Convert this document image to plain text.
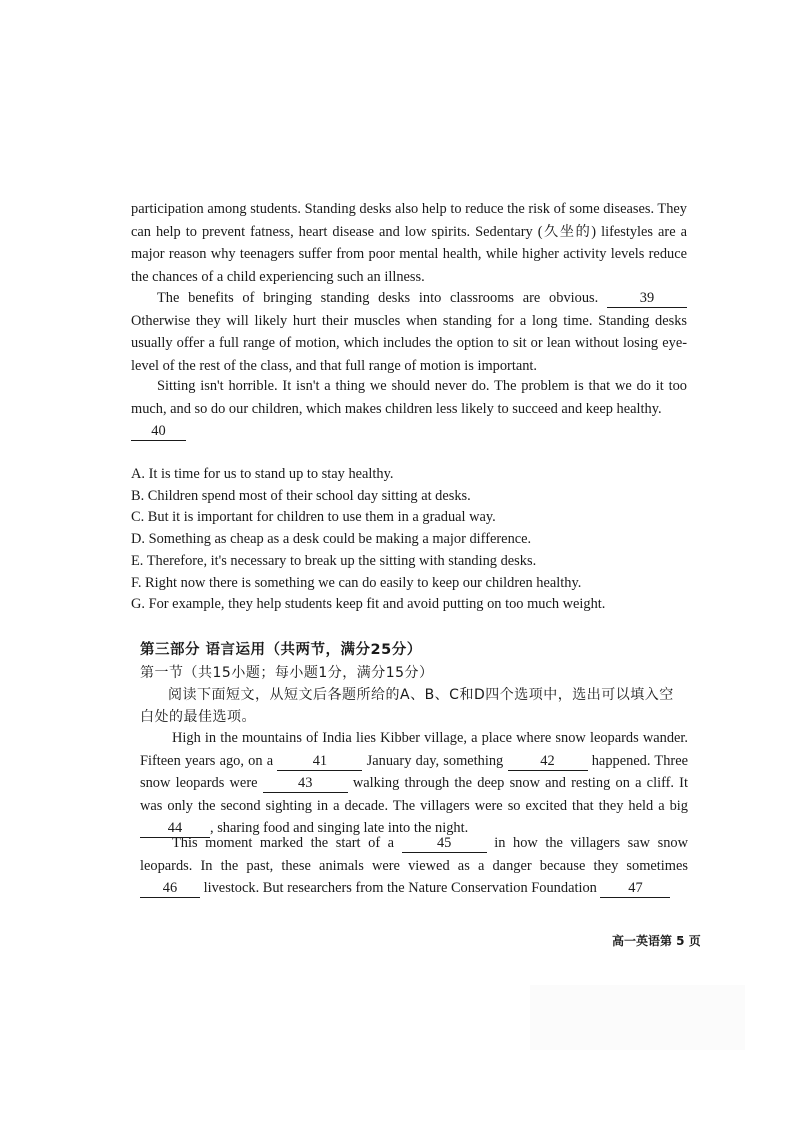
participation among students. Standing desks also help to reduce the risk of some diseases. They can help to prevent fatness, heart disease and low spirits. Sedentary (久坐的) lifestyles are a major reason why teenagers suffer from poor mental health, while higher activity levels reduce the chances of a child experiencing such an illness.

The benefits of bringing standing desks into classrooms are obvious.	39 Otherwise they will likely hurt their muscles when standing for a long time. Standing desks usually offer a full range of motion, which includes the option to sit or lean without losing eye-level of the rest of the class, and that full range of motion is important.

Sitting isn't horrible. It isn't a thing we should never do. The problem is that we do it too much, and so do our children, which makes children less likely to succeed and keep healthy.
40

A. It is time for us to stand up to stay healthy.
B. Children spend most of their school day sitting at desks.
C. But it is important for children to use them in a gradual way.
D. Something as cheap as a desk could be making a major difference.
E. Therefore, it's necessary to break up the sitting with standing desks.
F. Right now there is something we can do easily to keep our children healthy.
G. For example, they help students keep fit and avoid putting on too much weight.

第三部分 语言运用（共两节，满分25分）

第一节（共15小题；每小题1分，满分15分）

阅读下面短文，从短文后各题所给的A、B、C和D四个选项中，选出可以填入空白处的最佳选项。

High in the mountains of India lies Kibber village, a place where snow leopards wander. Fifteen years ago, on a	41	January day, something	42	happened. Three snow leopards were	43	walking through the deep snow and resting on a cliff. It was only the second sighting in a decade. The villagers were so excited that they held a big 44 , sharing food and singing late into the night.

This moment marked the start of a	45	in how the villagers saw snow leopards. In the past, these animals were viewed as a danger because they sometimes 46 livestock. But researchers from the Nature Conservation Foundation 47

高一英语第 5 页
